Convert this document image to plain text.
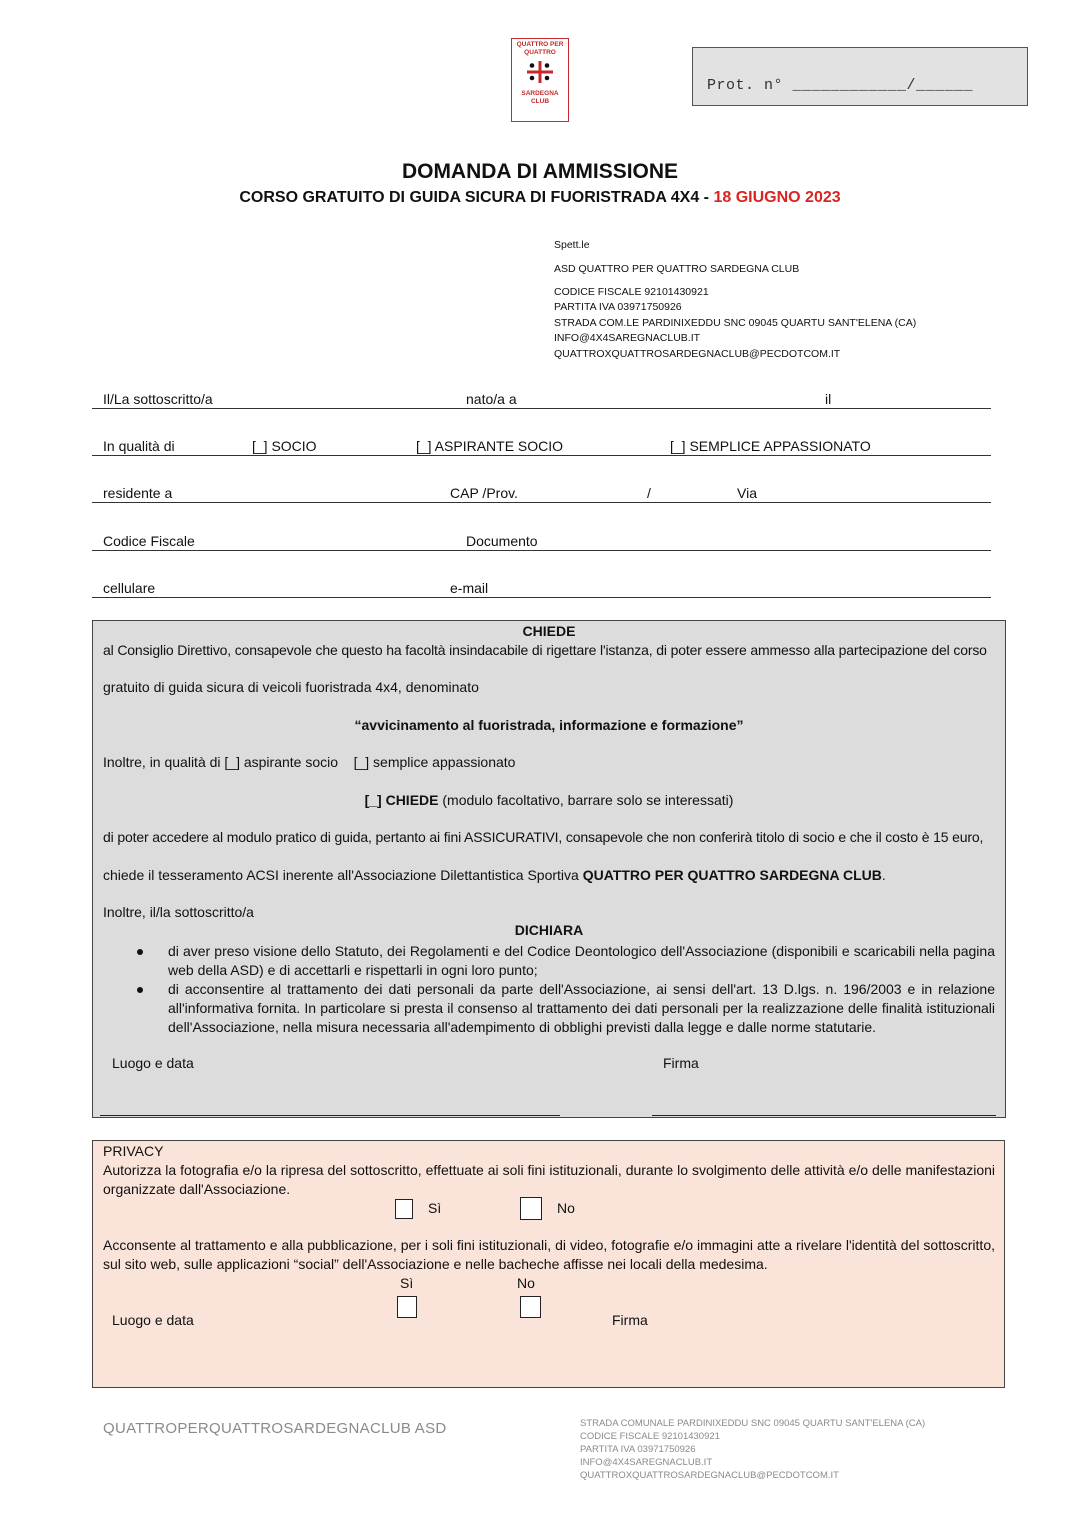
QUATTRO PER QUATTRO
SARDEGNA CLUB
Prot. n° ____________/______
DOMANDA DI AMMISSIONE
CORSO GRATUITO DI GUIDA SICURA DI FUORISTRADA 4X4 - 18 GIUGNO 2023
Spett.le
ASD QUATTRO PER QUATTRO SARDEGNA CLUB
CODICE FISCALE 92101430921
PARTITA IVA 03971750926
STRADA COM.LE PARDINIXEDDU SNC 09045 QUARTU SANT'ELENA (CA)
INFO@4X4SAREGNACLUB.IT
QUATTROXQUATTROSARDEGNACLUB@PECDOTCOM.IT
Il/La sottoscritto/a	nato/a a	il
In qualità di	[_] SOCIO	[_] ASPIRANTE SOCIO	[_] SEMPLICE APPASSIONATO
residente a	CAP /Prov.	/	Via
Codice Fiscale	Documento
cellulare	e-mail
CHIEDE
al Consiglio Direttivo, consapevole che questo ha facoltà insindacabile di rigettare l'istanza, di poter essere ammesso alla partecipazione del corso
gratuito di guida sicura di veicoli fuoristrada 4x4, denominato
“avvicinamento al fuoristrada, informazione e formazione”
Inoltre, in qualità di [_] aspirante socio    [_] semplice appassionato
[_] CHIEDE (modulo facoltativo, barrare solo se interessati)
di poter accedere al modulo pratico di guida, pertanto ai fini ASSICURATIVI, consapevole che non conferirà titolo di socio e che il costo è 15 euro,
chiede il tesseramento ACSI inerente all'Associazione Dilettantistica Sportiva QUATTRO PER QUATTRO SARDEGNA CLUB.
Inoltre, il/la sottoscritto/a
DICHIARA
di aver preso visione dello Statuto, dei Regolamenti e del Codice Deontologico dell'Associazione (disponibili e scaricabili nella pagina web della ASD) e di accettarli e rispettarli in ogni loro punto;
di acconsentire al trattamento dei dati personali da parte dell'Associazione, ai sensi dell'art. 13 D.lgs. n. 196/2003 e in relazione all'informativa fornita. In particolare si presta il consenso al trattamento dei dati personali per la realizzazione delle finalità istituzionali dell'Associazione, nella misura necessaria all'adempimento di obblighi previsti dalla legge e dalle norme statutarie.
Luogo e data	Firma
PRIVACY
Autorizza la fotografia e/o la ripresa del sottoscritto, effettuate ai soli fini istituzionali, durante lo svolgimento delle attività e/o delle manifestazioni organizzate dall'Associazione.
Sì	No
Acconsente al trattamento e alla pubblicazione, per i soli fini istituzionali, di video, fotografie e/o immagini atte a rivelare l'identità del sottoscritto, sul sito web, sulle applicazioni “social” dell'Associazione e nelle bacheche affisse nei locali della medesima.
Sì	No
Luogo e data	Firma
QUATTROPERQUATTROSARDEGNACLUB ASD	STRADA COMUNALE PARDINIXEDDU SNC 09045 QUARTU SANT'ELENA (CA)
CODICE FISCALE 92101430921
PARTITA IVA 03971750926
INFO@4X4SAREGNACLUB.IT
QUATTROXQUATTROSARDEGNACLUB@PECDOTCOM.IT
